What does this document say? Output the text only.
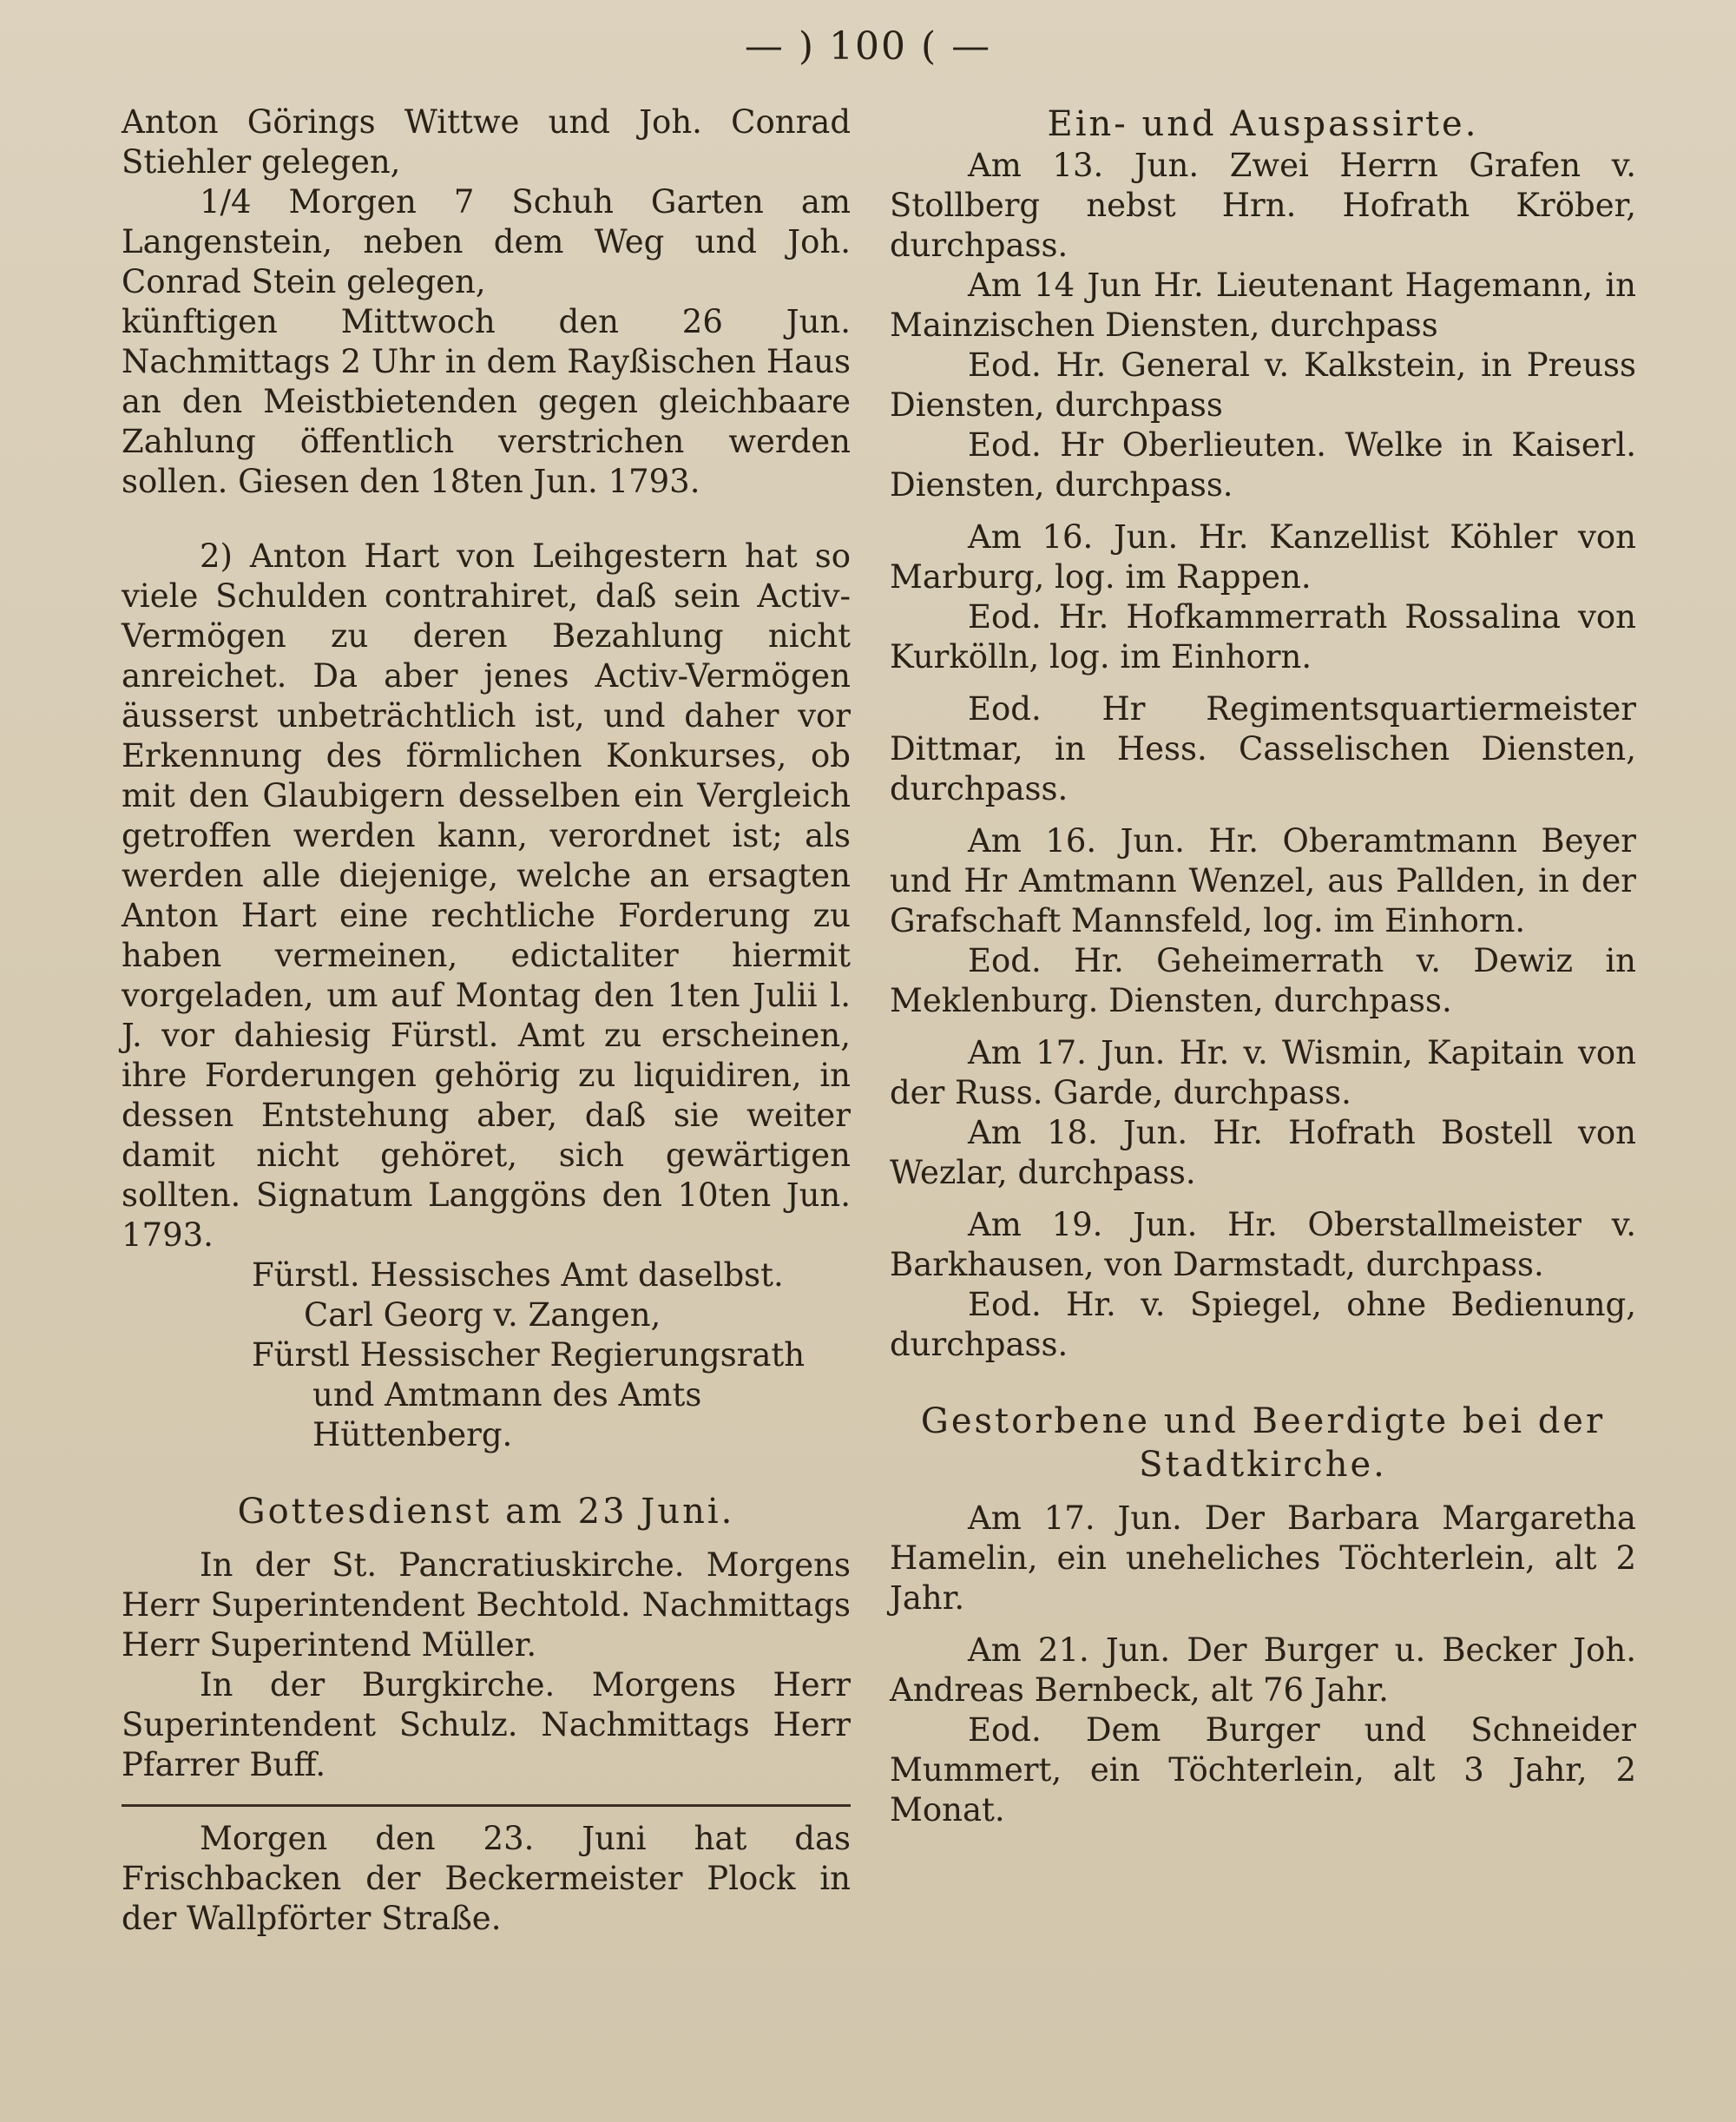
— ) 100 ( —

Anton Görings Wittwe und Joh. Conrad Stiehler gelegen,

1/4 Morgen 7 Schuh Garten am Langenstein, neben dem Weg und Joh. Conrad Stein gelegen,

künftigen Mittwoch den 26 Jun. Nachmittags 2 Uhr in dem Rayßischen Haus an den Meistbietenden gegen gleichbaare Zahlung öffentlich verstrichen werden sollen. Giesen den 18ten Jun. 1793.

2) Anton Hart von Leihgestern hat so viele Schulden contrahiret, daß sein Activ-Vermögen zu deren Bezahlung nicht anreichet. Da aber jenes Activ-Vermögen äusserst unbeträchtlich ist, und daher vor Erkennung des förmlichen Konkurses, ob mit den Glaubigern desselben ein Vergleich getroffen werden kann, verordnet ist; als werden alle diejenige, welche an ersagten Anton Hart eine rechtliche Forderung zu haben vermeinen, edictaliter hiermit vorgeladen, um auf Montag den 1ten Julii l. J. vor dahiesig Fürstl. Amt zu erscheinen, ihre Forderungen gehörig zu liquidiren, in dessen Entstehung aber, daß sie weiter damit nicht gehöret, sich gewärtigen sollten. Signatum Langgöns den 10ten Jun. 1793.

Fürstl. Hessisches Amt daselbst.

Carl Georg v. Zangen,

Fürstl Hessischer Regierungsrath

und Amtmann des Amts Hüttenberg.

Gottesdienst am 23 Juni.

In der St. Pancratiuskirche. Morgens Herr Superintendent Bechtold. Nachmittags Herr Superintend Müller.

In der Burgkirche. Morgens Herr Superintendent Schulz. Nachmittags Herr Pfarrer Buff.

Morgen den 23. Juni hat das Frischbacken der Beckermeister Plock in der Wallpförter Straße.

Ein- und Auspassirte.

Am 13. Jun. Zwei Herrn Grafen v. Stollberg nebst Hrn. Hofrath Kröber, durchpass.

Am 14 Jun Hr. Lieutenant Hagemann, in Mainzischen Diensten, durchpass

Eod. Hr. General v. Kalkstein, in Preuss Diensten, durchpass

Eod. Hr Oberlieuten. Welke in Kaiserl. Diensten, durchpass.

Am 16. Jun. Hr. Kanzellist Köhler von Marburg, log. im Rappen.

Eod. Hr. Hofkammerrath Rossalina von Kurkölln, log. im Einhorn.

Eod. Hr Regimentsquartiermeister Dittmar, in Hess. Casselischen Diensten, durchpass.

Am 16. Jun. Hr. Oberamtmann Beyer und Hr Amtmann Wenzel, aus Pallden, in der Grafschaft Mannsfeld, log. im Einhorn.

Eod. Hr. Geheimerrath v. Dewiz in Meklenburg. Diensten, durchpass.

Am 17. Jun. Hr. v. Wismin, Kapitain von der Russ. Garde, durchpass.

Am 18. Jun. Hr. Hofrath Bostell von Wezlar, durchpass.

Am 19. Jun. Hr. Oberstallmeister v. Barkhausen, von Darmstadt, durchpass.

Eod. Hr. v. Spiegel, ohne Bedienung, durchpass.

Gestorbene und Beerdigte bei der

Stadtkirche.

Am 17. Jun. Der Barbara Margaretha Hamelin, ein uneheliches Töchterlein, alt 2 Jahr.

Am 21. Jun. Der Burger u. Becker Joh. Andreas Bernbeck, alt 76 Jahr.

Eod. Dem Burger und Schneider Mummert, ein Töchterlein, alt 3 Jahr, 2 Monat.
